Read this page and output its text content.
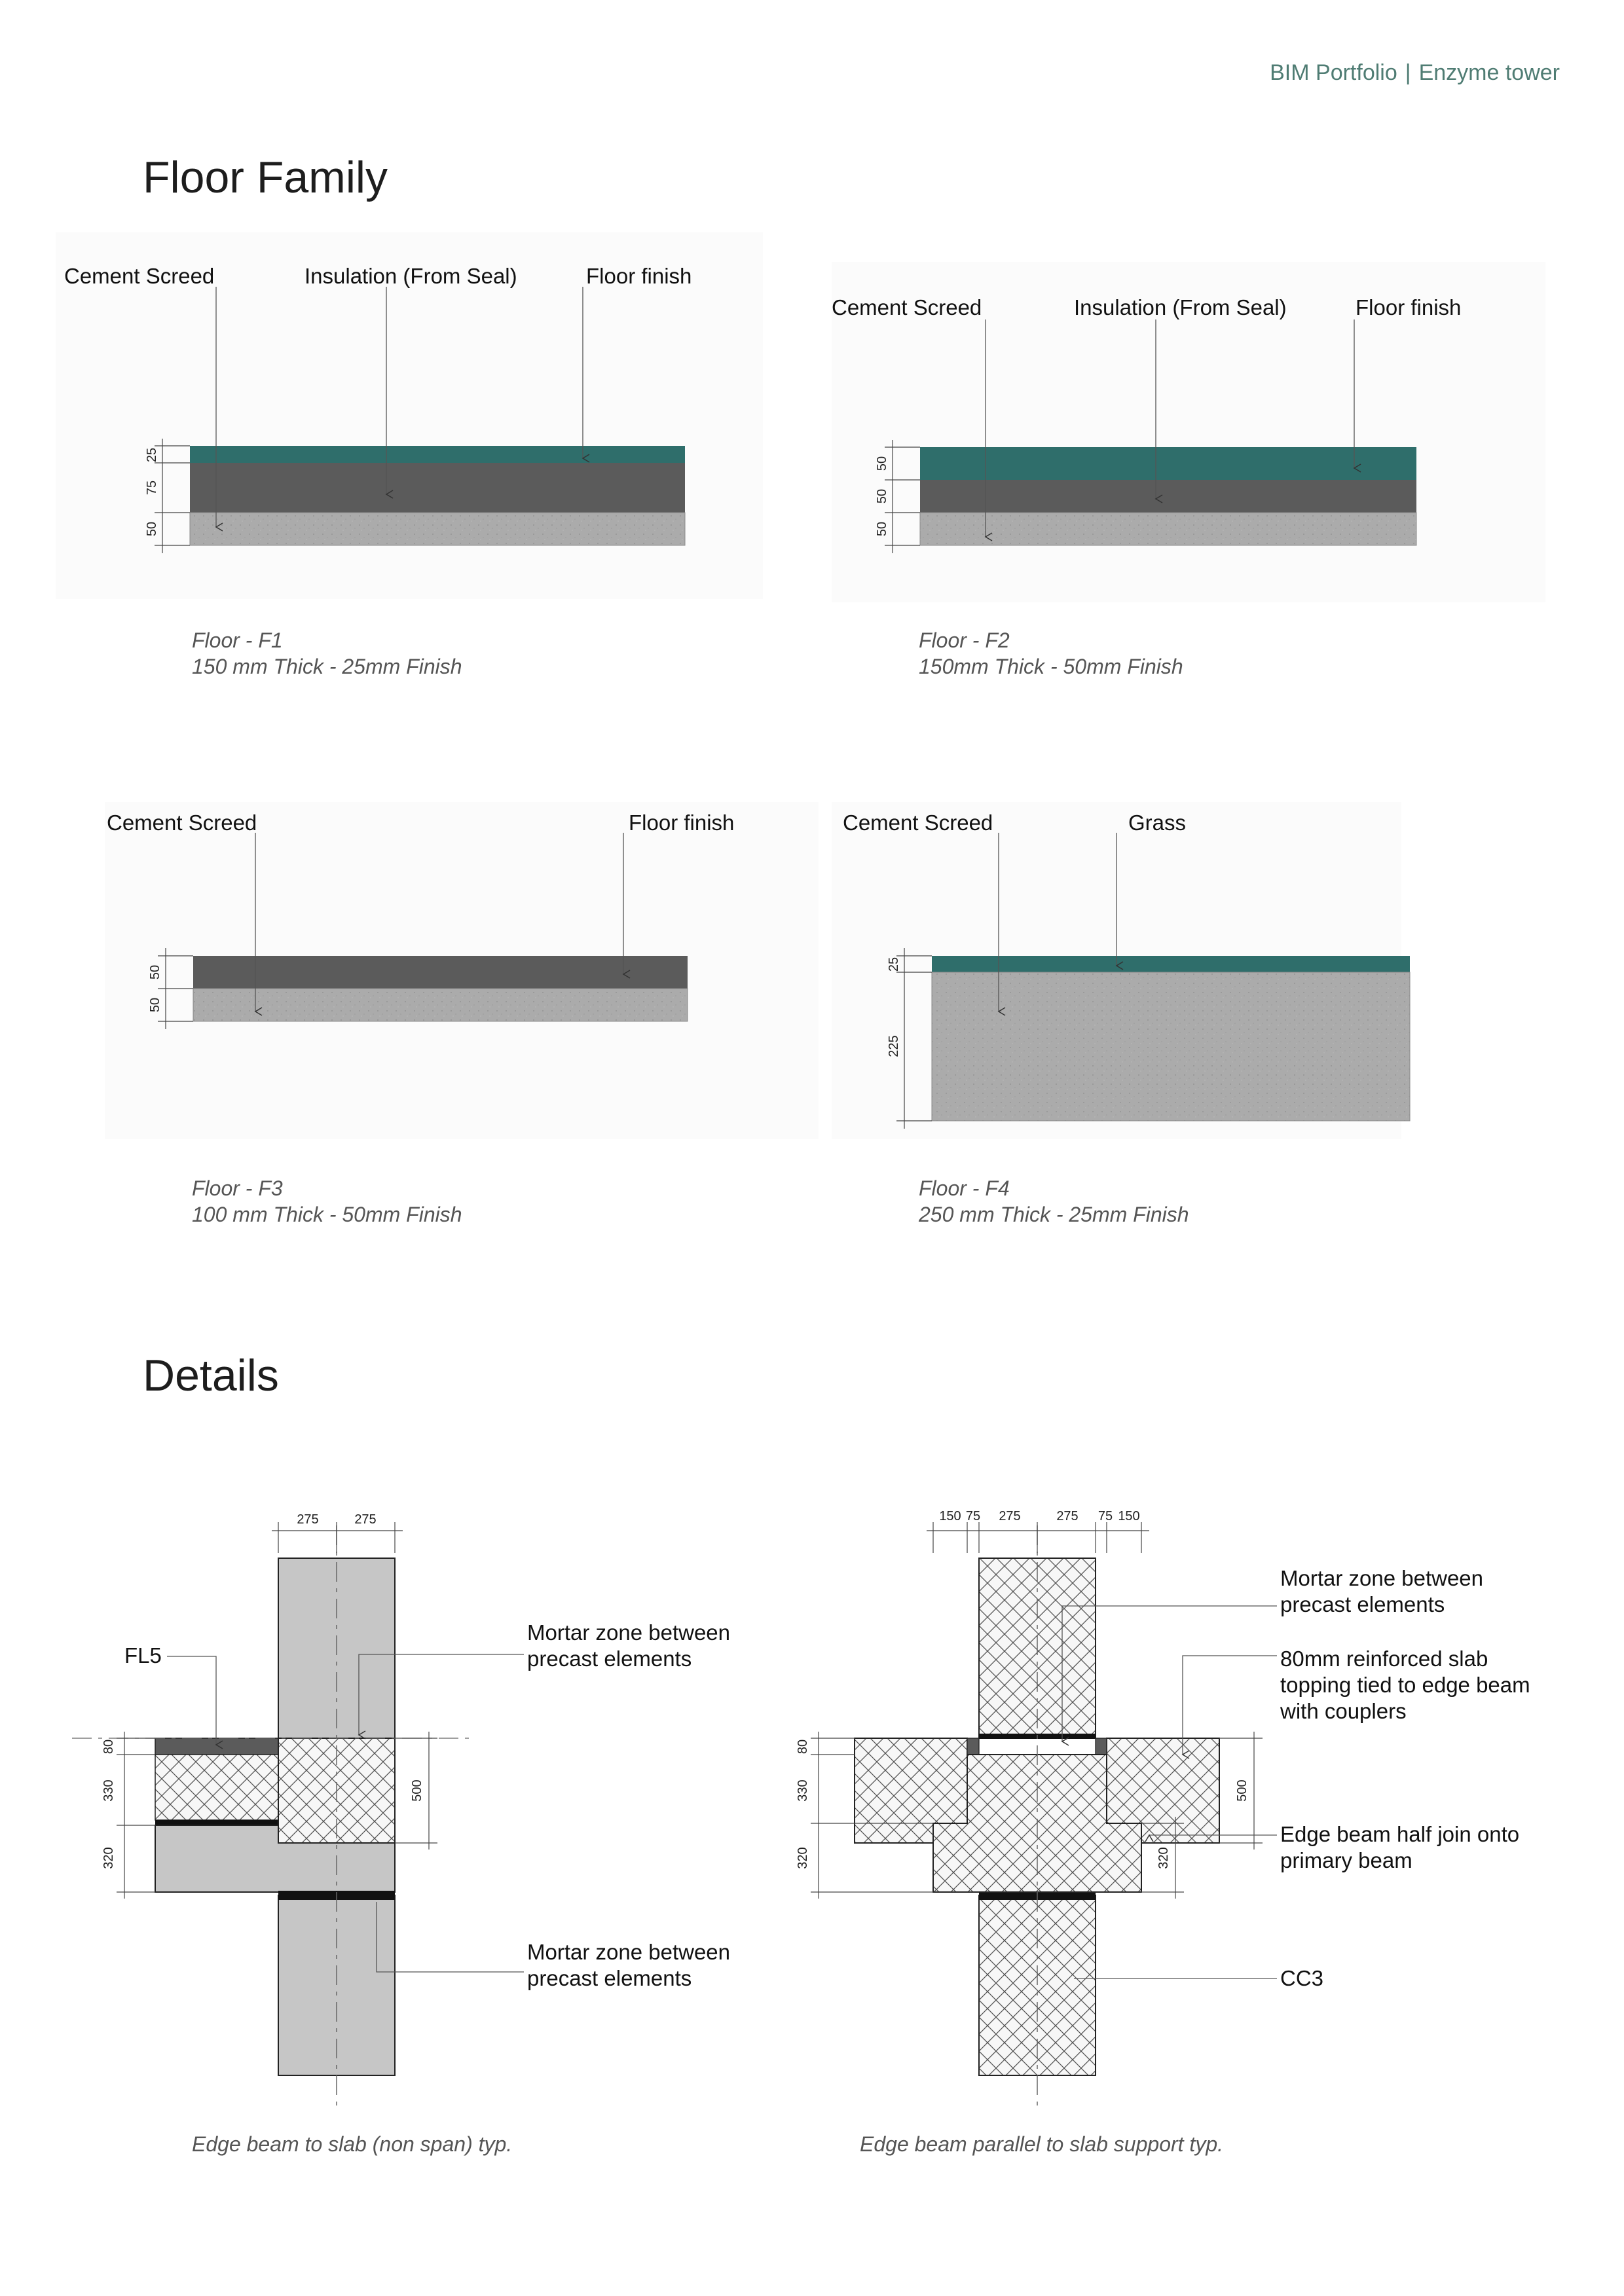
BIM Portfolio | Enzyme tower
Floor Family
Details
25
75
50
Cement Screed	Insulation (From Seal)	Floor finish
50
50
50
Cement Screed	Insulation (From Seal)	Floor finish
50
50
Cement Screed	Floor finish
25
225
Cement Screed	Grass
275	275
80
330
320
500
FL5
Mortar zone between
precast elements
Mortar zone between
precast elements
150 75 275	275 75 150
80
330
320
500
320
Mortar zone between
precast elements
80mm reinforced slab
topping tied to edge beam
with couplers
Edge beam half join onto
primary beam
CC3
Floor - F1
150 mm Thick - 25mm Finish
Floor - F2
150mm Thick - 50mm Finish
Floor - F3
100 mm Thick - 50mm Finish
Floor - F4
250 mm Thick - 25mm Finish
Edge beam to slab (non span) typ.	Edge beam parallel to slab support typ.
